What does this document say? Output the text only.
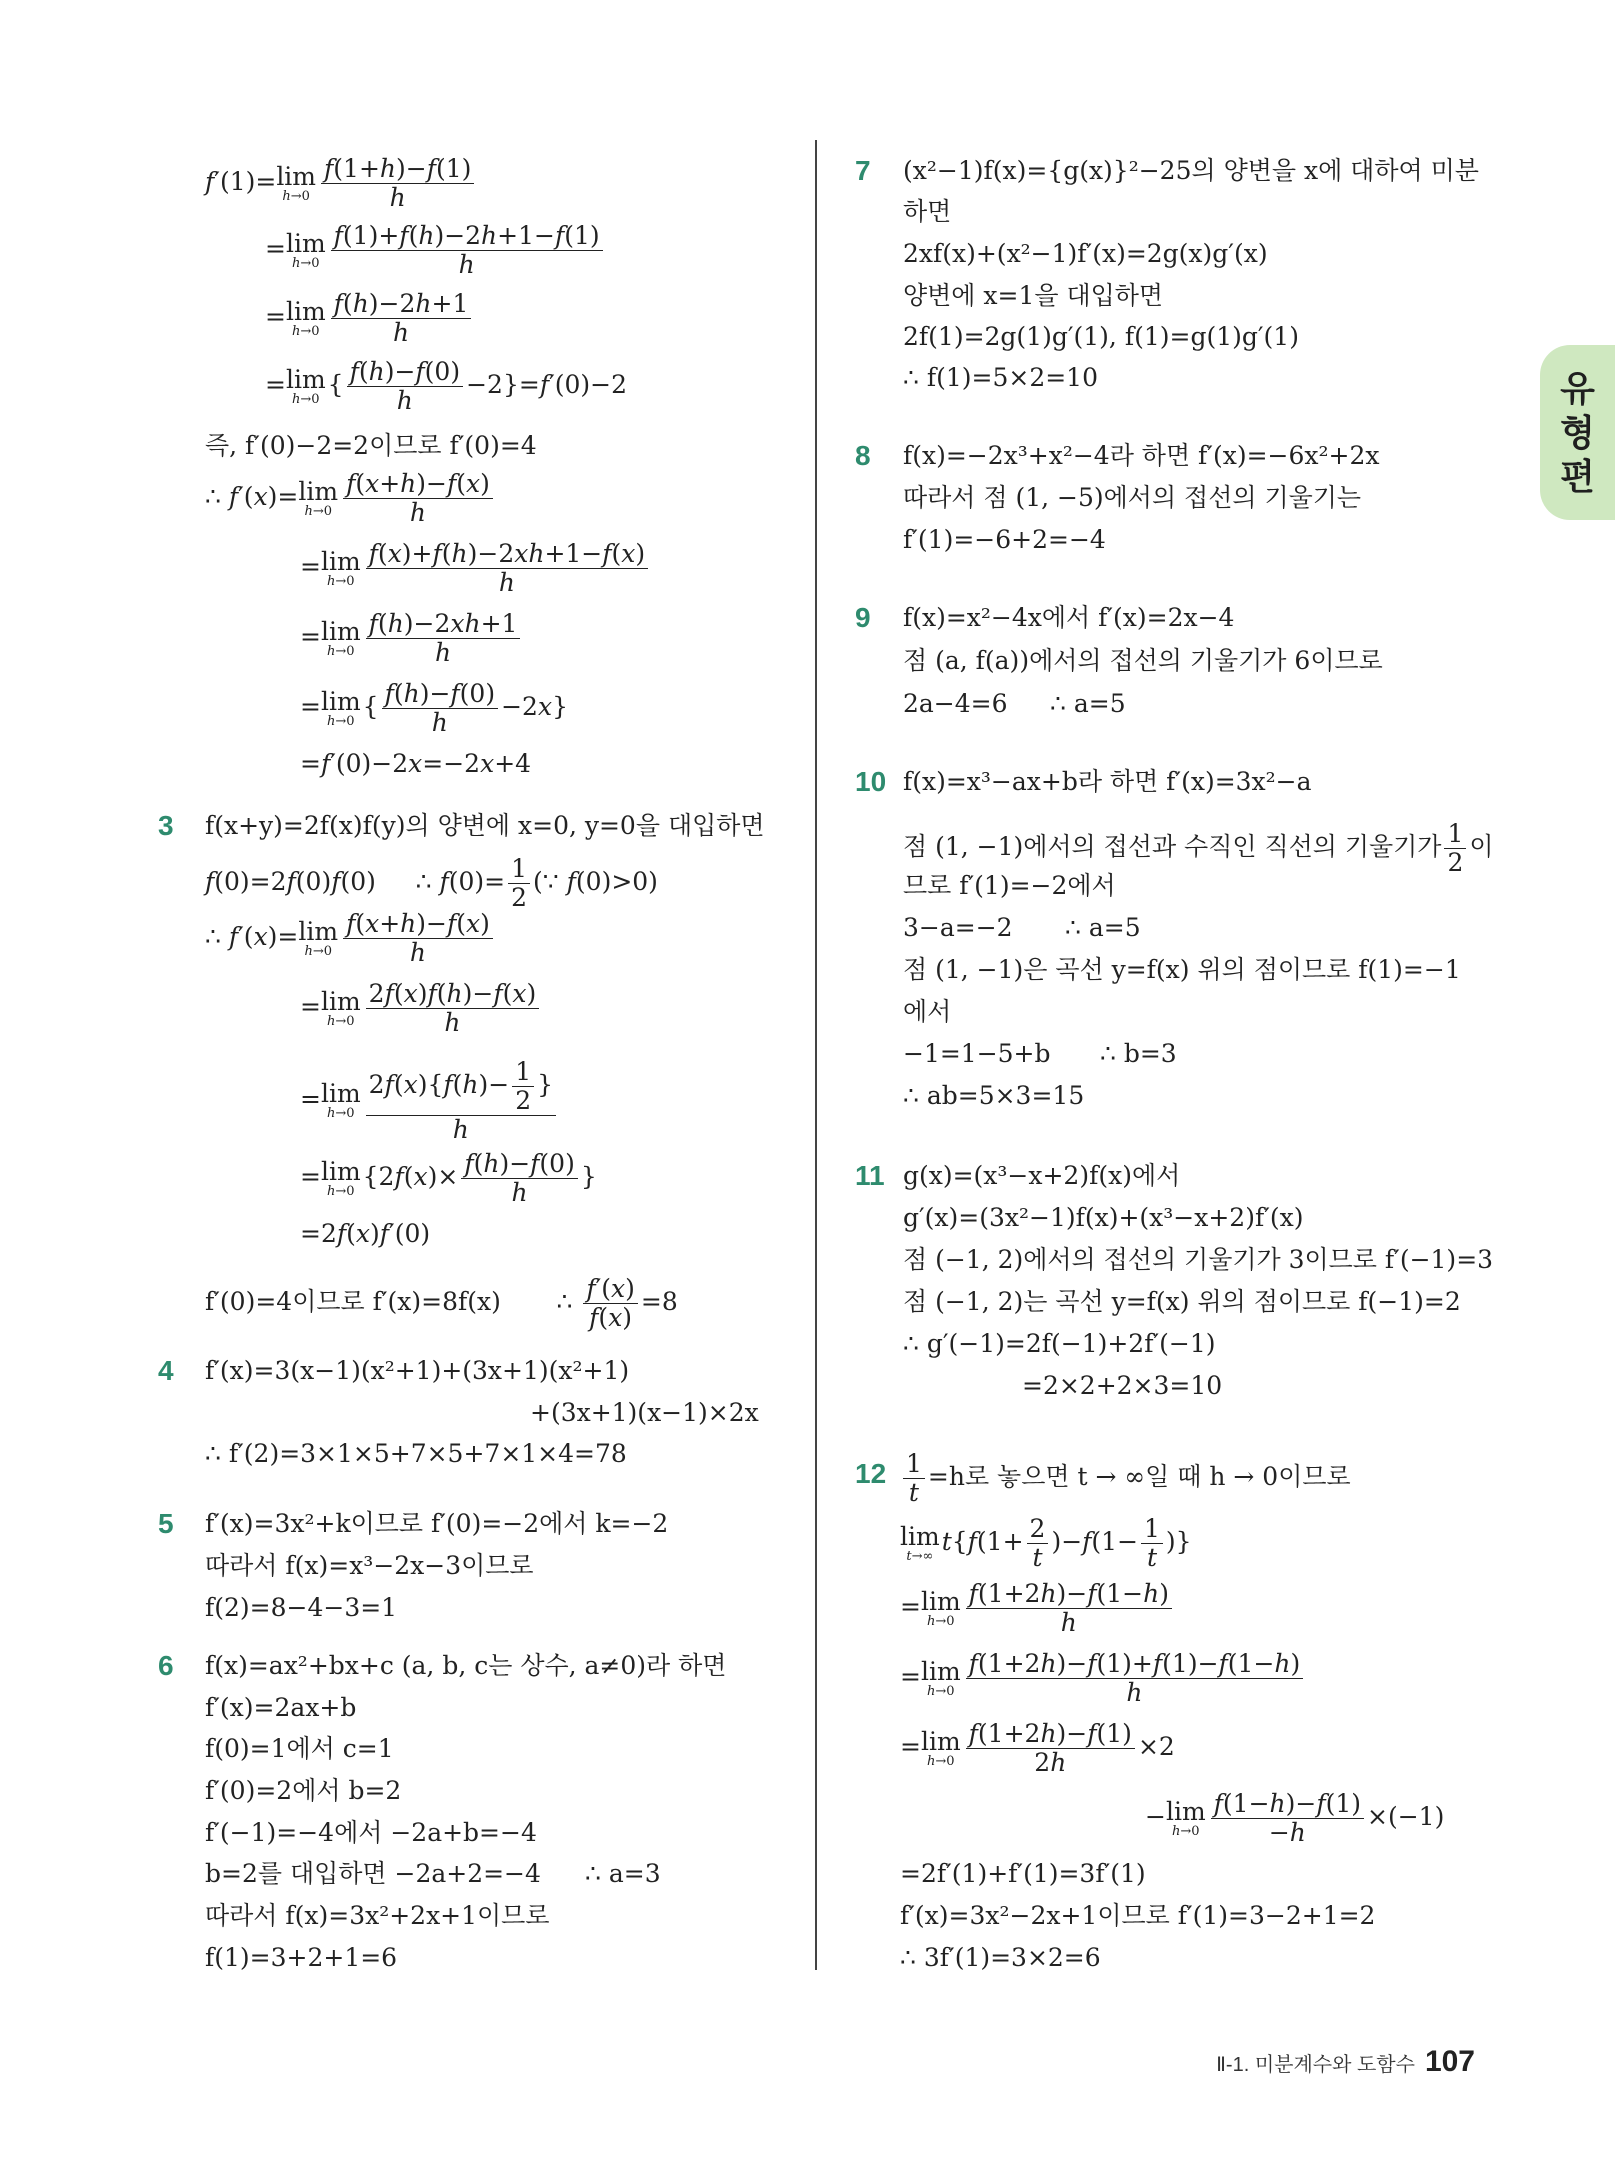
유
형
편
f′(1)= lim
$h\to 0 \frac{f(1+h)-f(1)}{h}$
= lim
$h\to 0 \frac{f(1)+f(h)-2h+1-f(1)}{h}$
= lim
$h\to 0 \frac{f(h)-2h+1}{h}$
= lim
h→0 { $\frac{f(h)-f(0)}{h} -2\}=f'(0)-2$
즉, f′(0)−2=2이므로 f′(0)=4
∴ f′(x)= lim
$h\to 0 \frac{f(x+h)-f(x)}{h}$
= lim
$h\to 0 \frac{f(x)+f(h)-2xh+1-f(x)}{h}$
= lim
$h\to 0 \frac{f(h)-2xh+1}{h}$
= lim
h→0 { $\frac{f(h)-f(0)}{h} -2x$}
=f′(0)−2x=−2x+4
3 f(x+y)=2f(x)f(y)의 양변에 x=0, y=0을 대입하면
f(0)=2f(0)f(0)     ∴ $f(0)= \frac{1}{2}$ (∵ f(0)>0)
∴ f′(x)= lim
$h\to 0 \frac{f(x+h)-f(x)}{h}$
= lim
$h\to 0 \frac{2f(x)f(h)-f(x)}{h}$
= lim
$h\to 0 \frac{2f(x)\{f(h)- \frac{1}{2} \}}{h}$
= lim
h→0 {$2f(x)\times \frac{f(h)-f(0)}{h}$ }
=2f(x)f′(0)
f′(0)=4이므로 f′(x)=8f(x)       ∴ $\frac{f'(x)}{f(x)} =8$
4 f′(x)=3(x−1)(x²+1)+(3x+1)(x²+1)
+(3x+1)(x−1)×2x
∴ f′(2)=3×1×5+7×5+7×1×4=78
5 f′(x)=3x²+k이므로 f′(0)=−2에서 k=−2
따라서 f(x)=x³−2x−3이므로
f(2)=8−4−3=1
6 f(x)=ax²+bx+c (a, b, c는 상수, a≠0)라 하면
f′(x)=2ax+b
f(0)=1에서 c=1
f′(0)=2에서 b=2
f′(−1)=−4에서 −2a+b=−4
b=2를 대입하면 −2a+2=−4 ∴ a=3
따라서 f(x)=3x²+2x+1이므로
f(1)=3+2+1=6
7 (x²−1)f(x)={g(x)}²−25의 양변을 x에 대하여 미분
하면
2xf(x)+(x²−1)f′(x)=2g(x)g′(x)
양변에 x=1을 대입하면
2f(1)=2g(1)g′(1), f(1)=g(1)g′(1)
∴ f(1)=5×2=10
8 f(x)=−2x³+x²−4라 하면 f′(x)=−6x²+2x
따라서 점 (1, −5)에서의 접선의 기울기는
f′(1)=−6+2=−4
9 f(x)=x²−4x에서 f′(x)=2x−4
점 (a, f(a))에서의 접선의 기울기가 6이므로
2a−4=6 ∴ a=5
10 f(x)=x³−ax+b라 하면 f′(x)=3x²−a
점 (1, −1)에서의 접선과 수직인 직선의 기울기가 $\frac{1}{2}$ 이
므로 f′(1)=−2에서
3−a=−2 ∴ a=5
점 (1, −1)은 곡선 y=f(x) 위의 점이므로 f(1)=−1
에서
−1=1−5+b ∴ b=3
∴ ab=5×3=15
11 g(x)=(x³−x+2)f(x)에서
g′(x)=(3x²−1)f(x)+(x³−x+2)f′(x)
점 (−1, 2)에서의 접선의 기울기가 3이므로 f′(−1)=3
점 (−1, 2)는 곡선 y=f(x) 위의 점이므로 f(−1)=2
∴ g′(−1)=2f(−1)+2f′(−1)
=2×2+2×3=10
$12 \frac{1}{t} =h$로 놓으면 t → ∞일 때 h → 0이므로
lim
t→∞ $t\{f(1+ \frac{2}{t} )-f(1- \frac{1}{t}$ )}
= lim
$h\to 0 \frac{f(1+2h)-f(1-h)}{h}$
= lim
$h\to 0 \frac{f(1+2h)-f(1)+f(1)-f(1-h)}{h}$
= lim
$h\to 0 \frac{f(1+2h)-f(1)}{2h} \times 2$
− lim
$h\to 0 \frac{f(1-h)-f(1)}{-h} \times(-1)$
=2f′(1)+f′(1)=3f′(1)
f′(x)=3x²−2x+1이므로 f′(1)=3−2+1=2
∴ 3f′(1)=3×2=6
Ⅱ-1. 미분계수와 도함수 107
